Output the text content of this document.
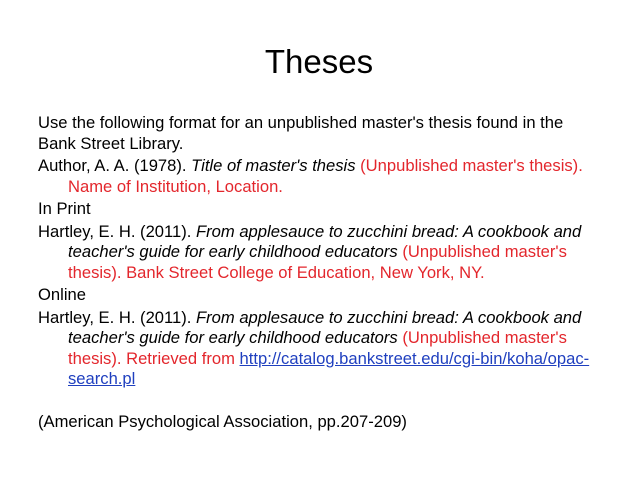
Theses

Use the following format for an unpublished master's thesis found in the Bank Street Library.

Author, A. A. (1978). Title of master's thesis (Unpublished master's thesis). Name of Institution, Location.

In Print

Hartley, E. H. (2011). From applesauce to zucchini bread: A cookbook and teacher's guide for early childhood educators (Unpublished master's thesis). Bank Street College of Education, New York, NY.

Online

Hartley, E. H. (2011). From applesauce to zucchini bread: A cookbook and teacher's guide for early childhood educators (Unpublished master's thesis). Retrieved from http://catalog.bankstreet.edu/cgi-bin/koha/opac-search.pl

(American Psychological Association, pp.207-209)
